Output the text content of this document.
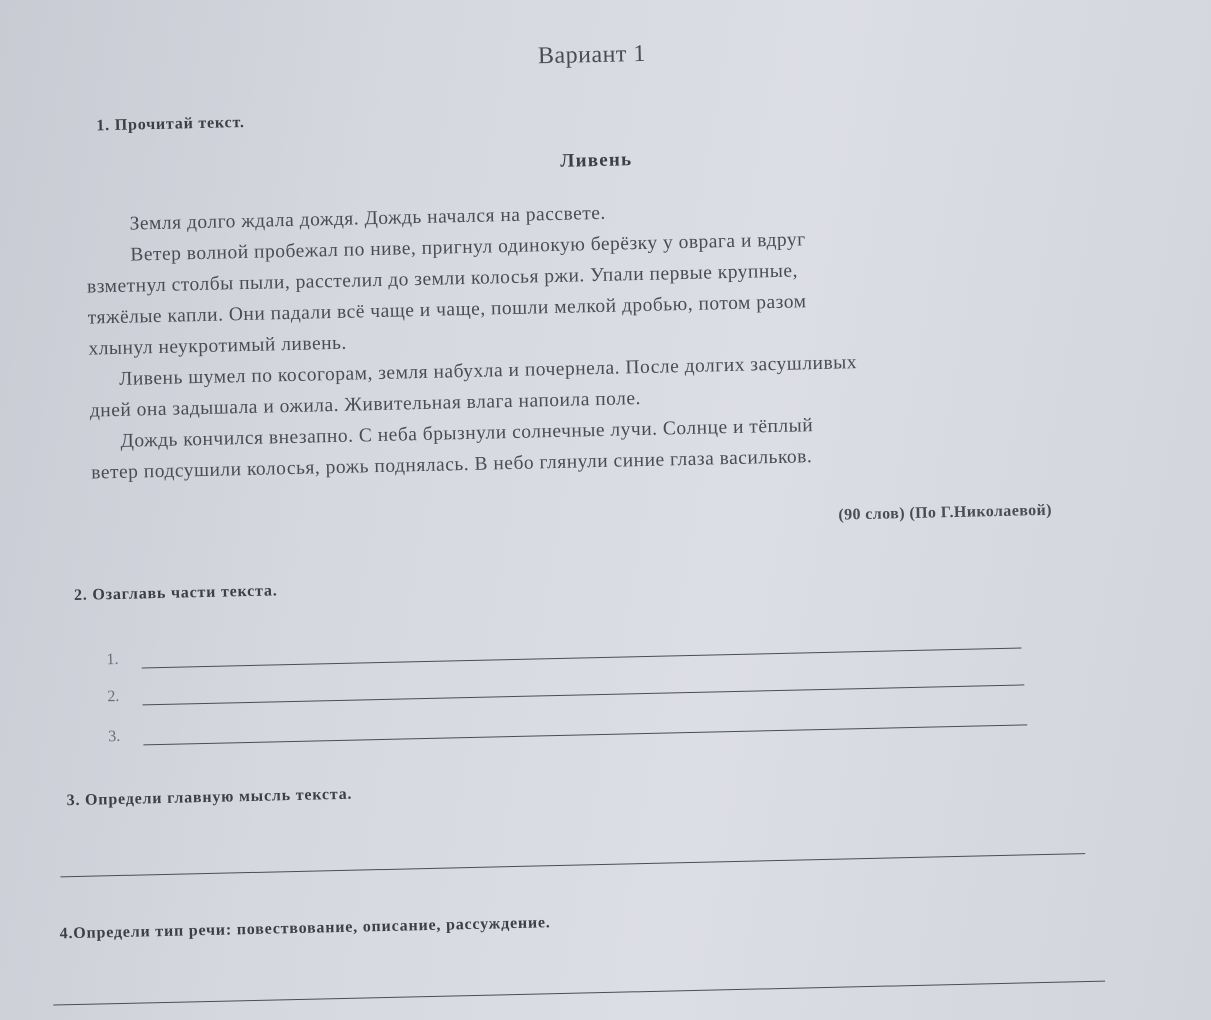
Вариант 1
1. Прочитай текст.
Ливень
Земля долго ждала дождя. Дождь начался на рассвете.
Ветер волной пробежал по ниве, пригнул одинокую берёзку у оврага и вдруг
взметнул столбы пыли, расстелил до земли колосья ржи. Упали первые крупные,
тяжёлые капли. Они падали всё чаще и чаще, пошли мелкой дробью, потом разом
хлынул неукротимый ливень.
Ливень шумел по косогорам, земля набухла и почернела. После долгих засушливых
дней она задышала и ожила. Живительная влага напоила поле.
Дождь кончился внезапно. С неба брызнули солнечные лучи. Солнце и тёплый
ветер подсушили колосья, рожь поднялась. В небо глянули синие глаза васильков.
(90 слов) (По Г.Николаевой)
2. Озаглавь части текста.
1.
2.
3.
3. Определи главную мысль текста.
4.Определи тип речи: повествование, описание, рассуждение.
